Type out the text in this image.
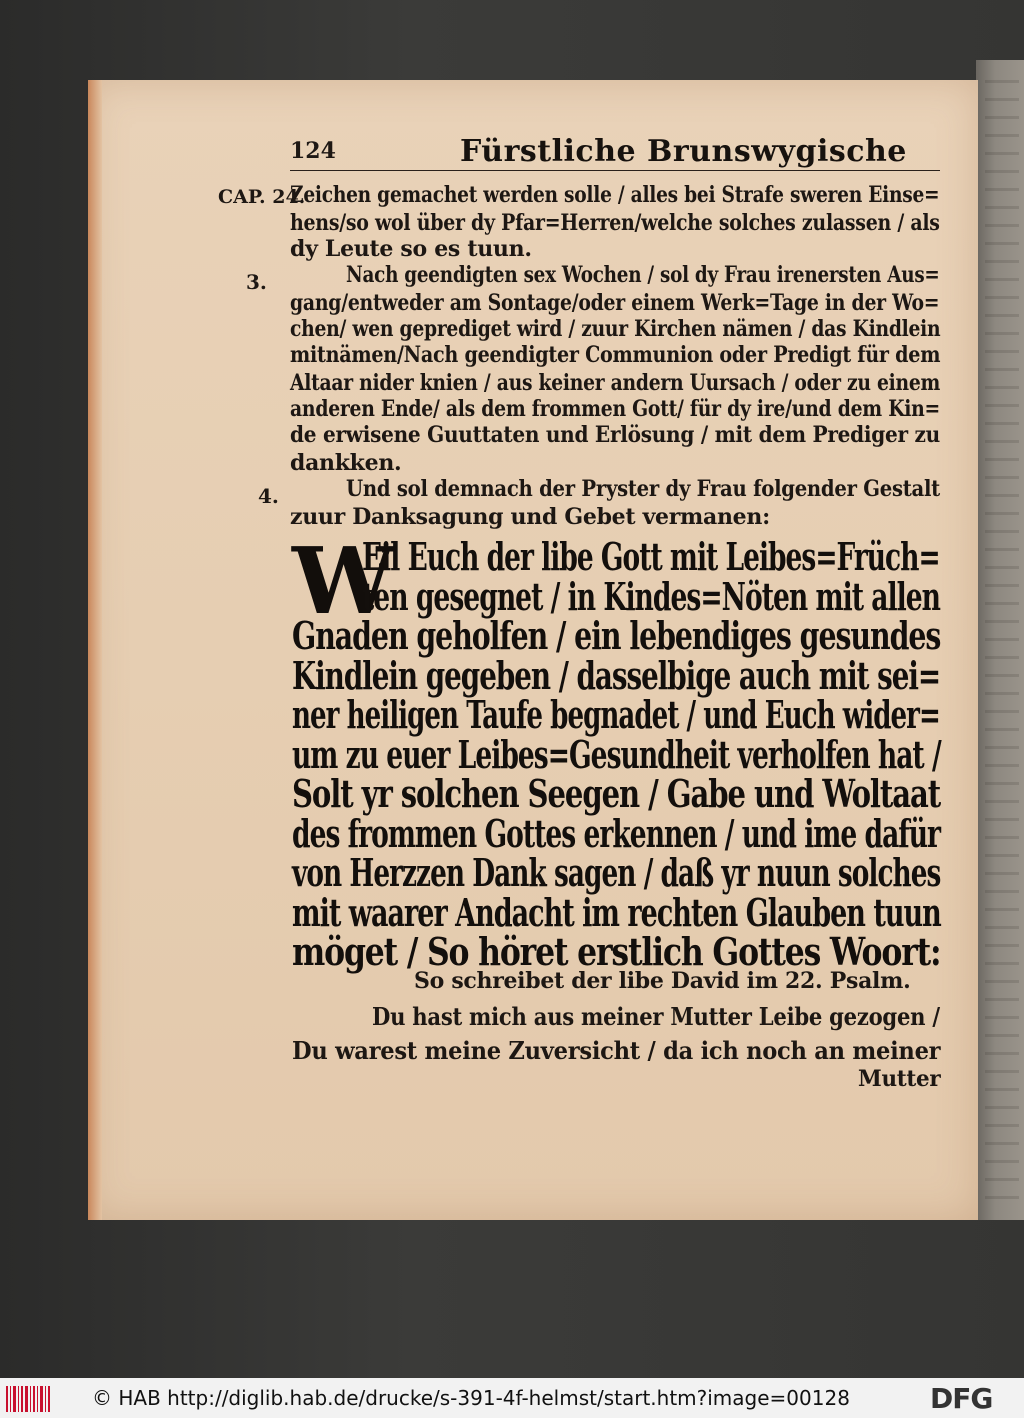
124	Fürstliche Brunswygische
CAP. 24.
Zeichen gemachet werden solle / alles bei Strafe sweren Einse=
hens/so wol über dy Pfar=Herren/welche solches zulassen / als
dy Leute so es tuun.
Nach geendigten sex Wochen / sol dy Frau irenersten Aus=
gang/entweder am Sontage/oder einem Werk=Tage in der Wo=
chen/ wen geprediget wird / zuur Kirchen nämen / das Kindlein
mitnämen/Nach geendigter Communion oder Predigt für dem
Altaar nider knien / aus keiner andern Uursach / oder zu einem
anderen Ende/ als dem frommen Gott/ für dy ire/und dem Kin=
de erwisene Guuttaten und Erlösung / mit dem Prediger zu
dankken.
Und sol demnach der Pryster dy Frau folgender Gestalt
zuur Danksagung und Gebet vermanen:
3.
4.
W
Eil Euch der libe Gott mit Leibes=Früch=
ten gesegnet / in Kindes=Nöten mit allen
Gnaden geholfen / ein lebendiges gesundes
Kindlein gegeben / dasselbige auch mit sei=
ner heiligen Taufe begnadet / und Euch wider=
um zu euer Leibes=Gesundheit verholfen hat /
Solt yr solchen Seegen / Gabe und Woltaat
des frommen Gottes erkennen / und ime dafür
von Herzzen Dank sagen / daß yr nuun solches
mit waarer Andacht im rechten Glauben tuun
möget / So höret erstlich Gottes Woort:
So schreibet der libe David im 22. Psalm.
Du hast mich aus meiner Mutter Leibe gezogen /
Du warest meine Zuversicht / da ich noch an meiner
Mutter
© HAB http://diglib.hab.de/drucke/s-391-4f-helmst/start.htm?image=00128	DFG
